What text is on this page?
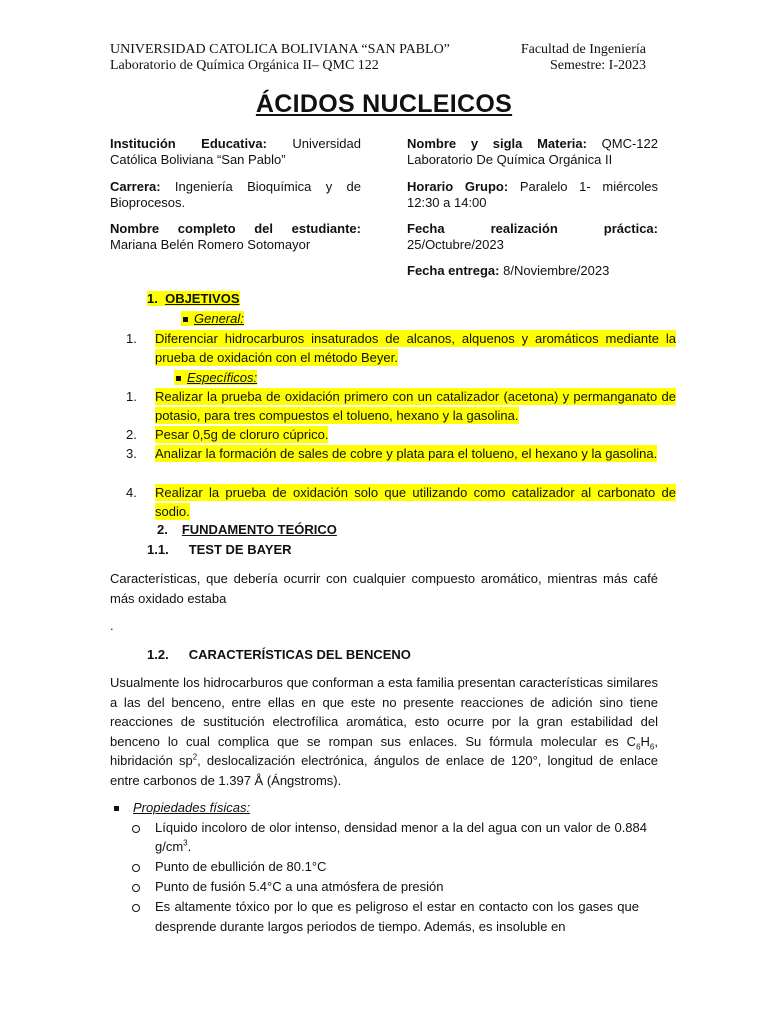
UNIVERSIDAD CATOLICA BOLIVIANA “SAN PABLO”	Facultad de Ingeniería
Laboratorio de Química Orgánica II– QMC 122	Semestre: I-2023
ÁCIDOS NUCLEICOS
Institución Educativa: Universidad Católica Boliviana “San Pablo”
Carrera: Ingeniería Bioquímica y de Bioprocesos.
Nombre completo del estudiante: Mariana Belén Romero Sotomayor
Nombre y sigla Materia: QMC-122 Laboratorio De Química Orgánica II
Horario Grupo: Paralelo 1- miércoles 12:30 a 14:00
Fecha realización práctica: 25/Octubre/2023
Fecha entrega: 8/Noviembre/2023
1. OBJETIVOS
General:
1. Diferenciar hidrocarburos insaturados de alcanos, alquenos y aromáticos mediante la prueba de oxidación con el método Beyer.
Específicos:
1. Realizar la prueba de oxidación primero con un catalizador (acetona) y permanganato de potasio, para tres compuestos el tolueno, hexano y la gasolina.
2. Pesar 0,5g de cloruro cúprico.
3. Analizar la formación de sales de cobre y plata para el tolueno, el hexano y la gasolina.
4. Realizar la prueba de oxidación solo que utilizando como catalizador al carbonato de sodio.
2. FUNDAMENTO TEÓRICO
1.1. TEST DE BAYER
Características, que debería ocurrir con cualquier compuesto aromático, mientras más café más oxidado estaba
.
1.2. CARACTERÍSTICAS DEL BENCENO
Usualmente los hidrocarburos que conforman a esta familia presentan características similares a las del benceno, entre ellas en que este no presente reacciones de adición sino tiene reacciones de sustitución electrofílica aromática, esto ocurre por la gran estabilidad del benceno lo cual complica que se rompan sus enlaces. Su fórmula molecular es $C_6H_6$, hibridación $sp^2$, deslocalización electrónica, ángulos de enlace de 120°, longitud de enlace entre carbonos de 1.397 Å (Ángstroms).
Propiedades físicas:
Líquido incoloro de olor intenso, densidad menor a la del agua con un valor de 0.884 $g/cm^3$.
Punto de ebullición de 80.1°C
Punto de fusión 5.4°C a una atmósfera de presión
Es altamente tóxico por lo que es peligroso el estar en contacto con los gases que desprende durante largos periodos de tiempo. Además, es insoluble en
